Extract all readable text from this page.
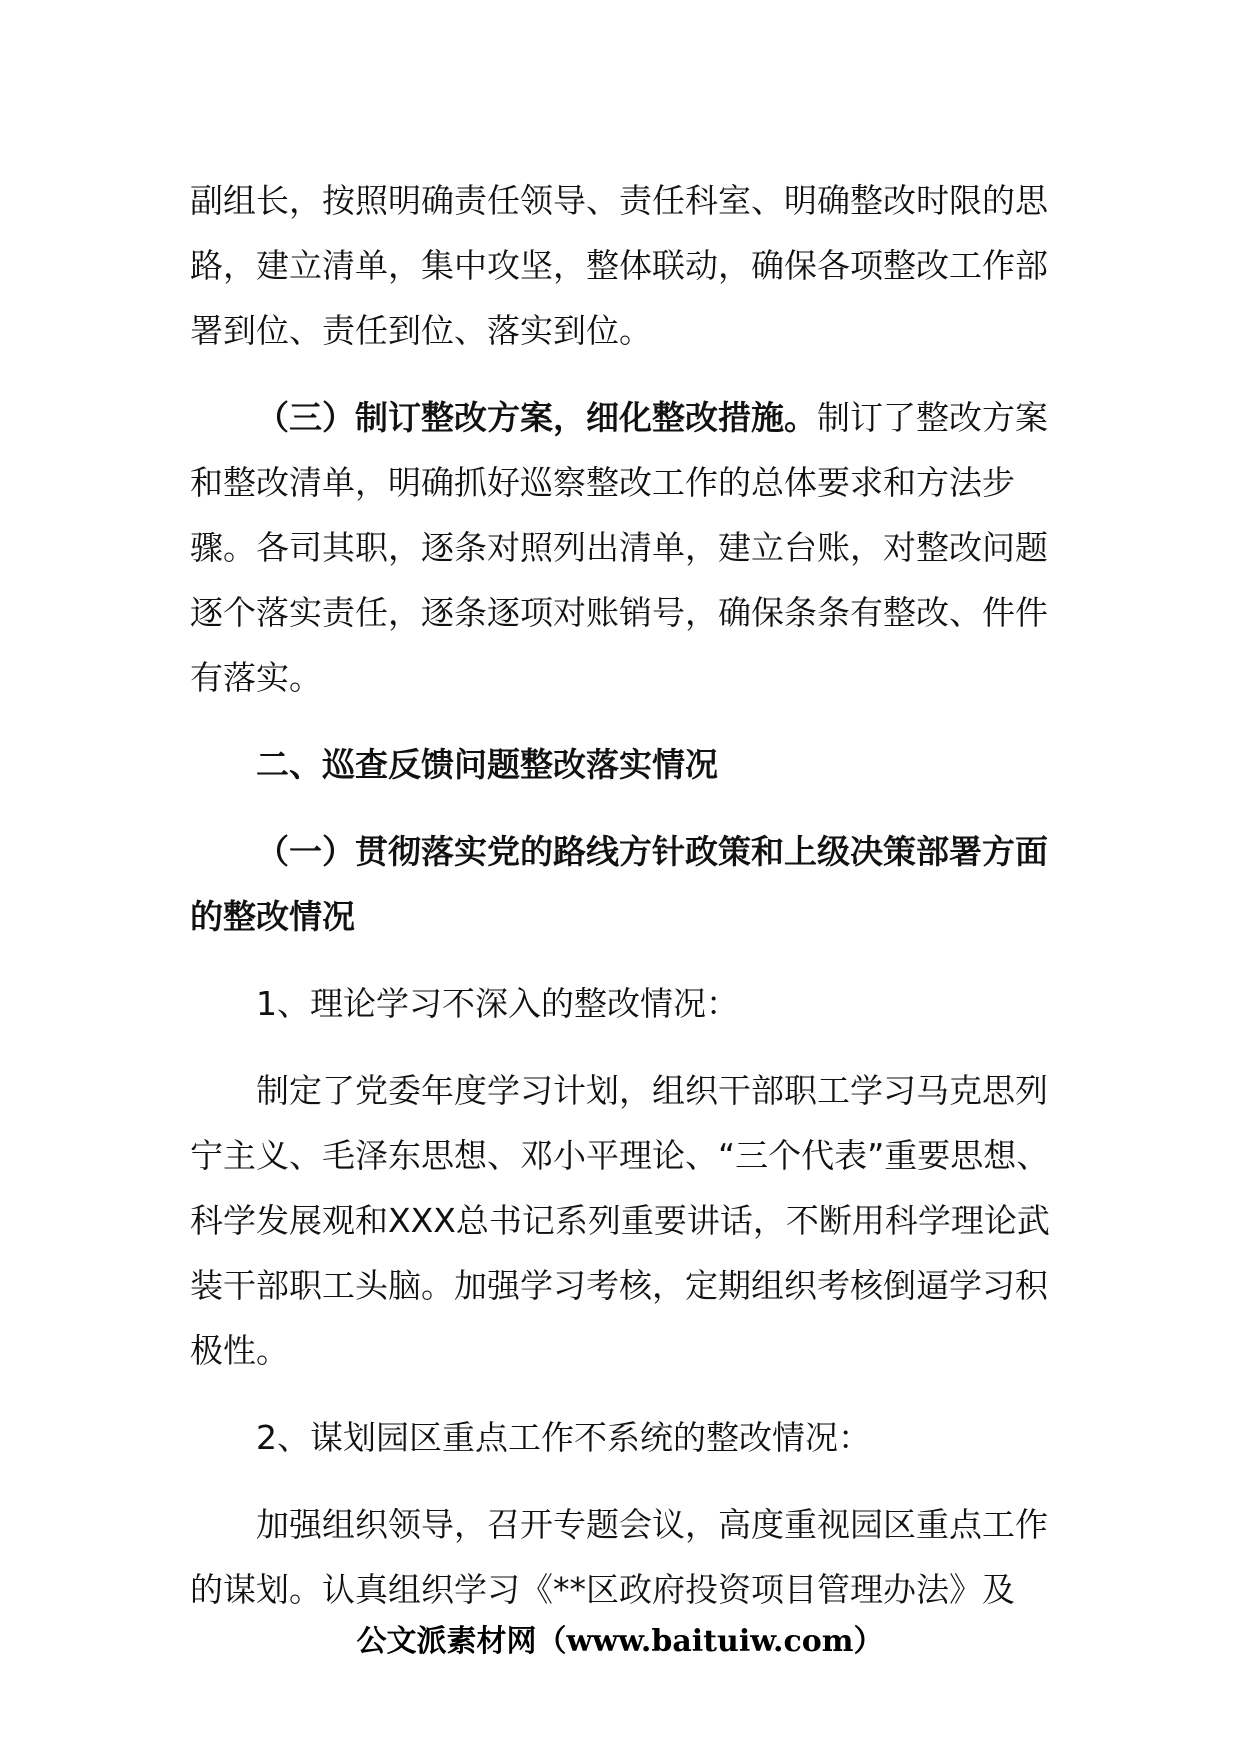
副组长，按照明确责任领导、责任科室、明确整改时限的思路，建立清单，集中攻坚，整体联动，确保各项整改工作部署到位、责任到位、落实到位。

（三）制订整改方案，细化整改措施。制订了整改方案和整改清单，明确抓好巡察整改工作的总体要求和方法步骤。各司其职，逐条对照列出清单，建立台账，对整改问题逐个落实责任，逐条逐项对账销号，确保条条有整改、件件有落实。

二、巡查反馈问题整改落实情况
（一）贯彻落实党的路线方针政策和上级决策部署方面的整改情况

1、理论学习不深入的整改情况：

制定了党委年度学习计划，组织干部职工学习马克思列宁主义、毛泽东思想、邓小平理论、“三个代表”重要思想、科学发展观和XXX总书记系列重要讲话，不断用科学理论武装干部职工头脑。加强学习考核，定期组织考核倒逼学习积极性。

2、谋划园区重点工作不系统的整改情况：

加强组织领导，召开专题会议，高度重视园区重点工作的谋划。认真组织学习《**区政府投资项目管理办法》及

公文派素材网（www.baituiw.com）
